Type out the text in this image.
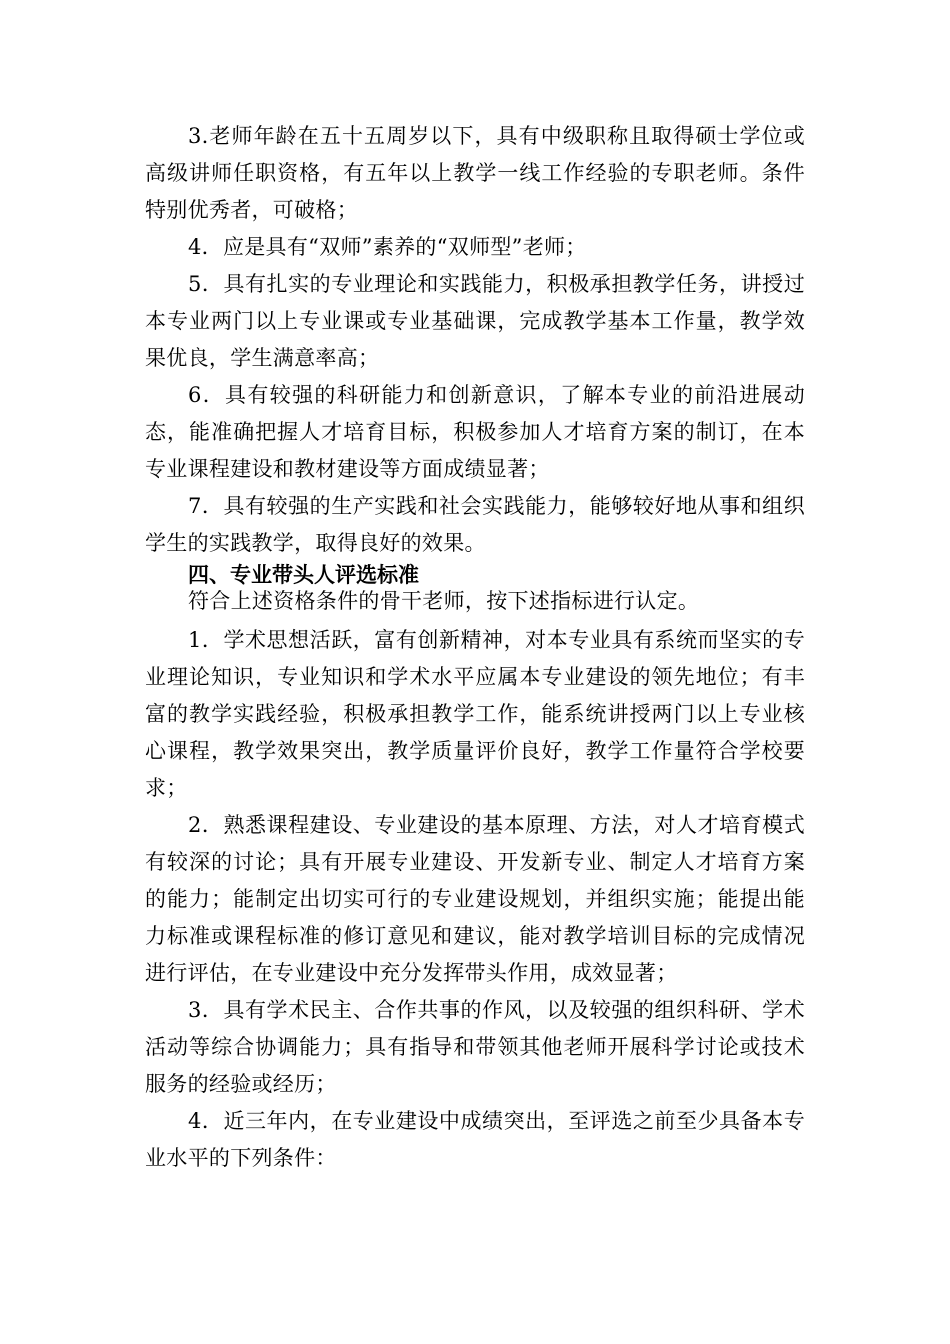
3.老师年龄在五十五周岁以下，具有中级职称且取得硕士学位或高级讲师任职资格，有五年以上教学一线工作经验的专职老师。条件特别优秀者，可破格；

4．应是具有“双师”素养的“双师型”老师；

5．具有扎实的专业理论和实践能力，积极承担教学任务，讲授过本专业两门以上专业课或专业基础课，完成教学基本工作量，教学效果优良，学生满意率高；

6．具有较强的科研能力和创新意识，了解本专业的前沿进展动态，能准确把握人才培育目标，积极参加人才培育方案的制订，在本专业课程建设和教材建设等方面成绩显著；

7．具有较强的生产实践和社会实践能力，能够较好地从事和组织学生的实践教学，取得良好的效果。

四、专业带头人评选标准

符合上述资格条件的骨干老师，按下述指标进行认定。

1．学术思想活跃，富有创新精神，对本专业具有系统而坚实的专业理论知识，专业知识和学术水平应属本专业建设的领先地位；有丰富的教学实践经验，积极承担教学工作，能系统讲授两门以上专业核心课程，教学效果突出，教学质量评价良好，教学工作量符合学校要求；

2．熟悉课程建设、专业建设的基本原理、方法，对人才培育模式有较深的讨论；具有开展专业建设、开发新专业、制定人才培育方案的能力；能制定出切实可行的专业建设规划，并组织实施；能提出能力标准或课程标准的修订意见和建议，能对教学培训目标的完成情况进行评估，在专业建设中充分发挥带头作用，成效显著；

3．具有学术民主、合作共事的作风，以及较强的组织科研、学术活动等综合协调能力；具有指导和带领其他老师开展科学讨论或技术服务的经验或经历；

4．近三年内，在专业建设中成绩突出，至评选之前至少具备本专业水平的下列条件：
